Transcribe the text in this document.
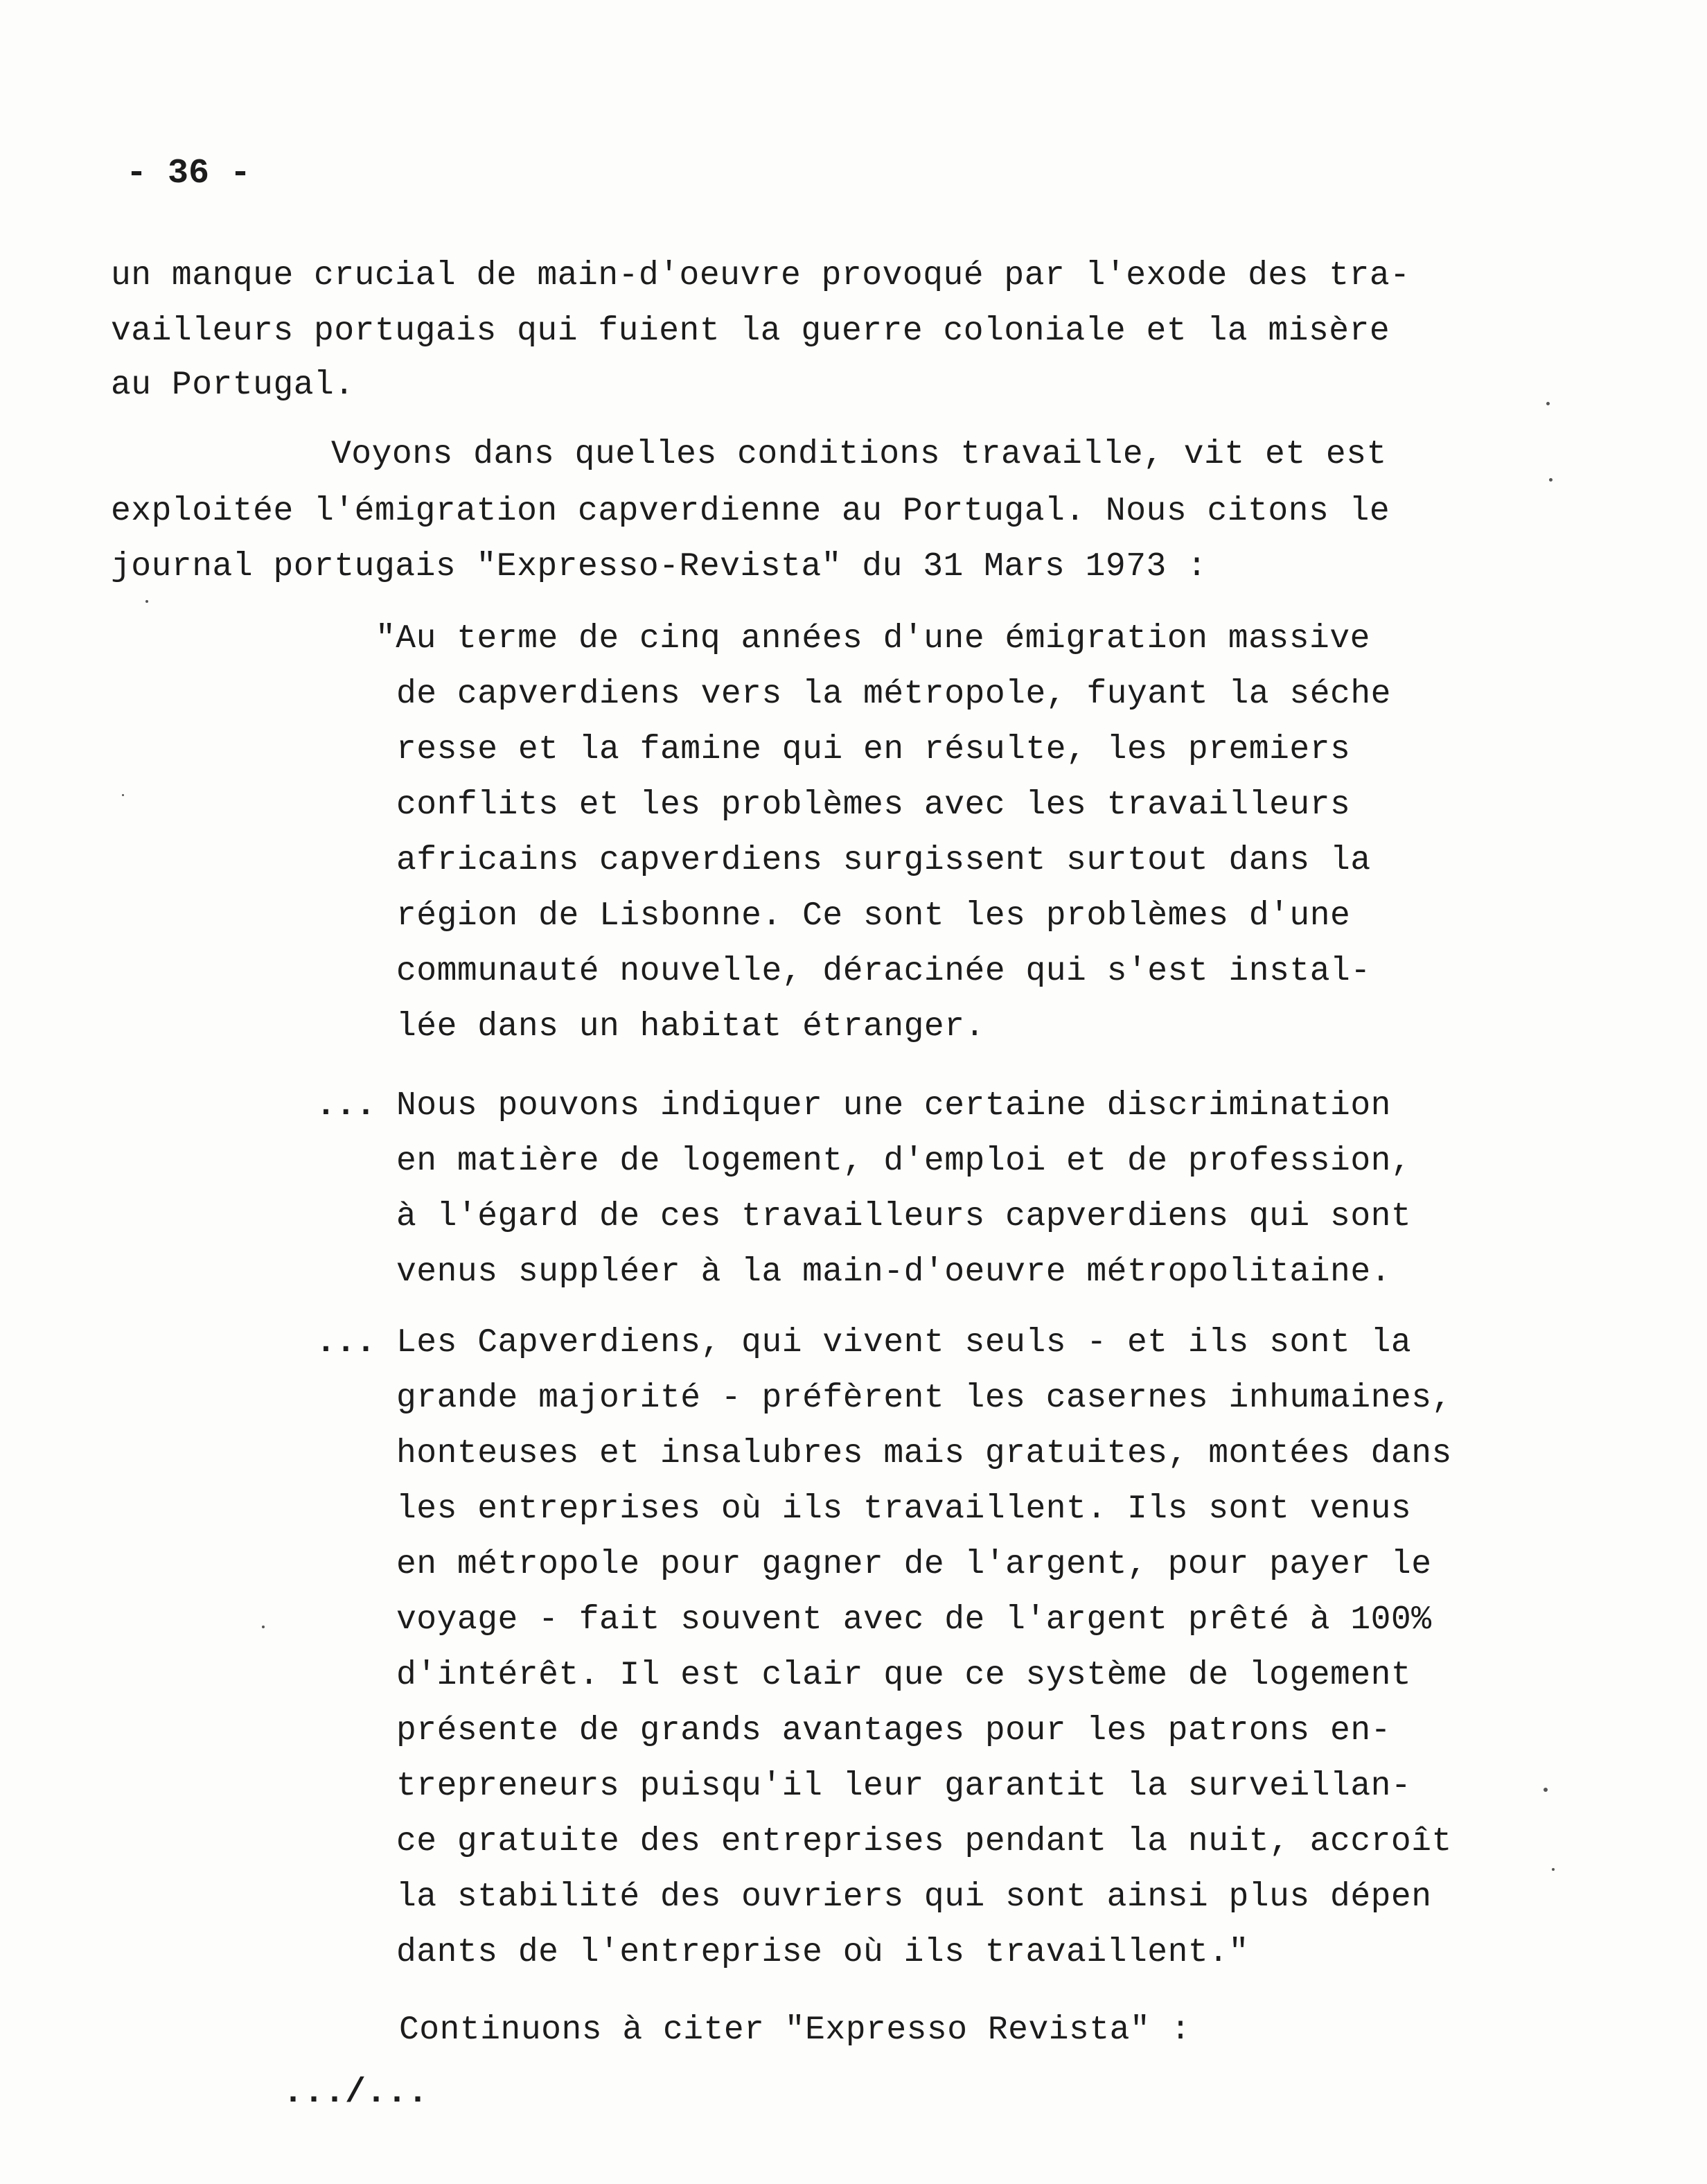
- 36 -
un manque crucial de main-d'oeuvre provoqué par l'exode des tra-
vailleurs portugais qui fuient la guerre coloniale et la misère
au Portugal.
Voyons dans quelles conditions travaille, vit et est
exploitée l'émigration capverdienne au Portugal. Nous citons le
journal portugais "Expresso-Revista" du 31 Mars 1973 :
"Au terme de cinq années d'une émigration massive
de capverdiens vers la métropole, fuyant la séche
resse et la famine qui en résulte, les premiers
conflits et les problèmes avec les travailleurs
africains capverdiens surgissent surtout dans la
région de Lisbonne. Ce sont les problèmes d'une
communauté nouvelle, déracinée qui s'est instal-
lée dans un habitat étranger.
... Nous pouvons indiquer une certaine discrimination
en matière de logement, d'emploi et de profession,
à l'égard de ces travailleurs capverdiens qui sont
venus suppléer à la main-d'oeuvre métropolitaine.
... Les Capverdiens, qui vivent seuls - et ils sont la
grande majorité - préfèrent les casernes inhumaines,
honteuses et insalubres mais gratuites, montées dans
les entreprises où ils travaillent. Ils sont venus
en métropole pour gagner de l'argent, pour payer le
voyage - fait souvent avec de l'argent prêté à 100%
d'intérêt. Il est clair que ce système de logement
présente de grands avantages pour les patrons en-
trepreneurs puisqu'il leur garantit la surveillan-
ce gratuite des entreprises pendant la nuit, accroît
la stabilité des ouvriers qui sont ainsi plus dépen
dants de l'entreprise où ils travaillent."
Continuons à citer "Expresso Revista" :
.../...
